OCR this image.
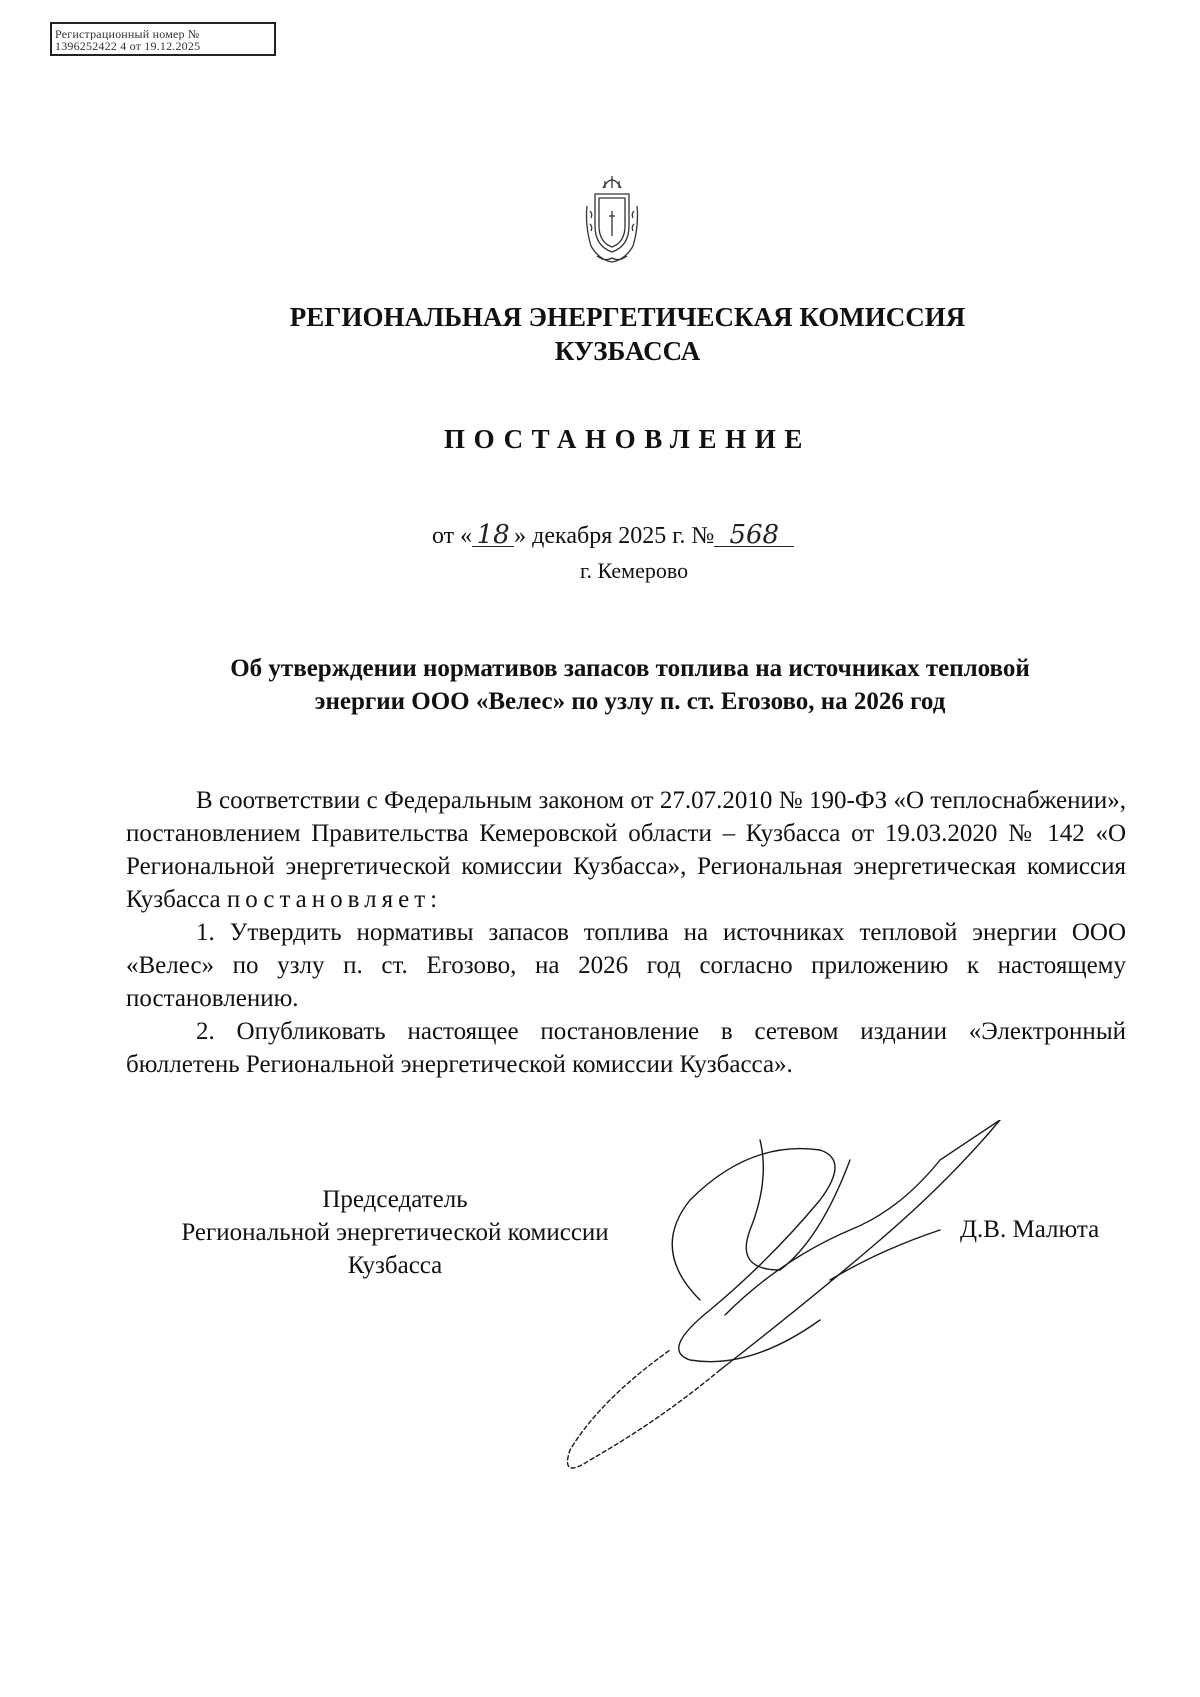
Регистрационный номер №
1396252422 4 от 19.12.2025
РЕГИОНАЛЬНАЯ ЭНЕРГЕТИЧЕСКАЯ КОМИССИЯ
КУЗБАССА
ПОСТАНОВЛЕНИЕ
от « 18 » декабря 2025 г. № 568
г. Кемерово
Об утверждении нормативов запасов топлива на источниках тепловой
энергии ООО «Велес» по узлу п. ст. Егозово, на 2026 год

В соответствии с Федеральным законом от 27.07.2010 № 190-ФЗ «О теплоснабжении», постановлением Правительства Кемеровской области – Кузбасса от 19.03.2020 № 142 «О Региональной энергетической комиссии Кузбасса», Региональная энергетическая комиссия Кузбасса постановляет:

1. Утвердить нормативы запасов топлива на источниках тепловой энергии ООО «Велес» по узлу п. ст. Егозово, на 2026 год согласно приложению к настоящему постановлению.

2. Опубликовать настоящее постановление в сетевом издании «Электронный бюллетень Региональной энергетической комиссии Кузбасса».

Председатель
Региональной энергетической комиссии
Кузбасса
Д.В. Малюта
